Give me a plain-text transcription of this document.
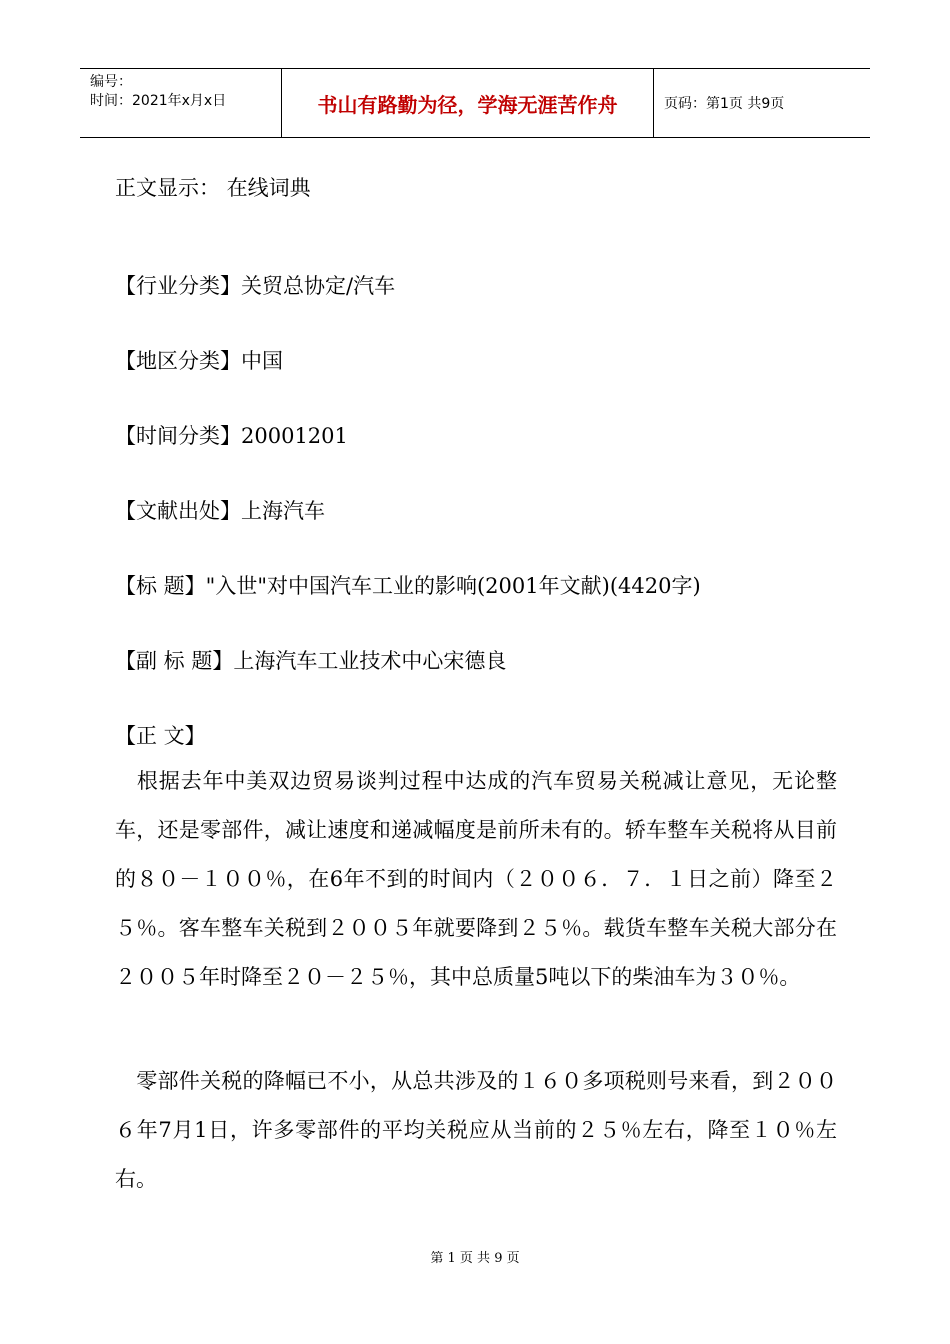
编号：
时间：2021年x月x日	书山有路勤为径，学海无涯苦作舟	页码：第1页 共9页
正文显示： 在线词典
【行业分类】关贸总协定/汽车
【地区分类】中国
【时间分类】20001201
【文献出处】上海汽车
【标 题】"入世"对中国汽车工业的影响(2001年文献)(4420字)
【副 标 题】上海汽车工业技术中心宋德良
【正 文】
　根据去年中美双边贸易谈判过程中达成的汽车贸易关税减让意见，无论整车，还是零部件，减让速度和递减幅度是前所未有的。轿车整车关税将从目前的８０－１００％，在6年不到的时间内（２００６．７．１日之前）降至２５％。客车整车关税到２００５年就要降到２５％。载货车整车关税大部分在２００５年时降至２０－２５％，其中总质量5吨以下的柴油车为３０％。
　零部件关税的降幅已不小，从总共涉及的１６０多项税则号来看，到２００６年7月1日，许多零部件的平均关税应从当前的２５％左右，降至１０％左右。
第 1 页 共 9 页
